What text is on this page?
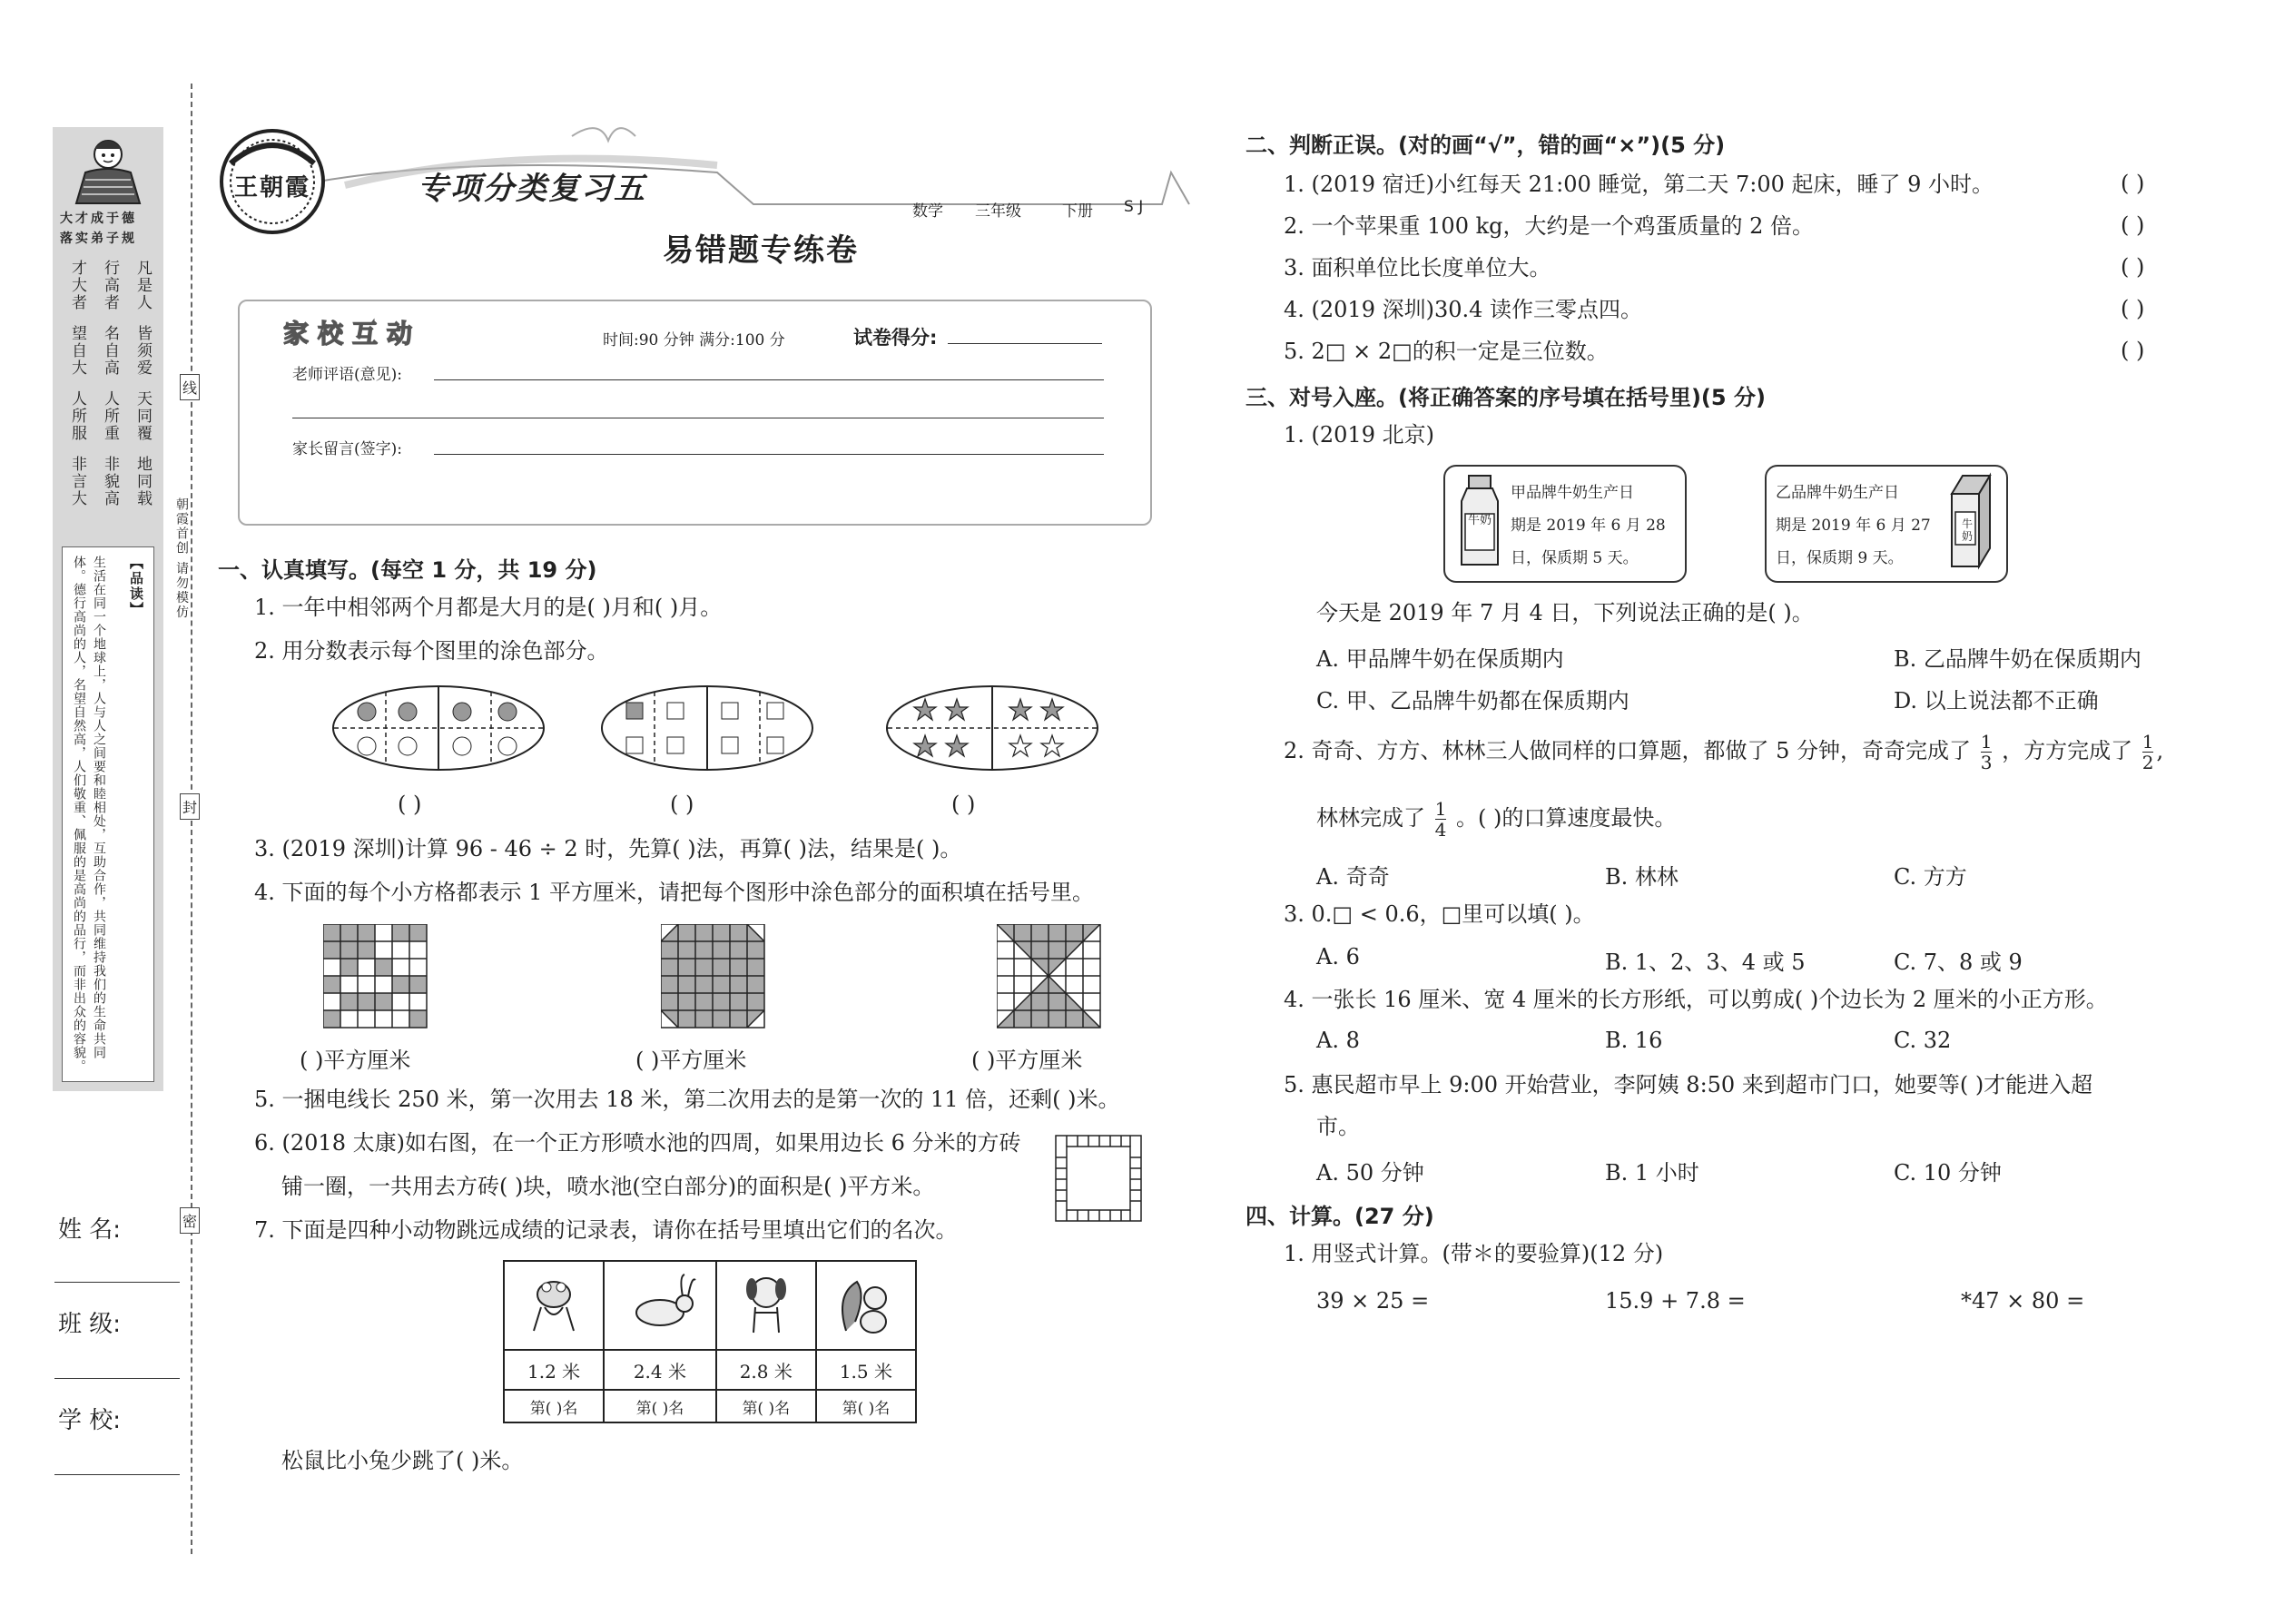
大才成于德
落实弟子规
凡是人
皆须爱
天同覆
地同载
行高者
名自高
人所重
非貌高
才大者
望自大
人所服
非言大
【品读】
生活在同一个地球上，人与人之间要和睦相处，互助合作，共同维持我们的生命共同体。德行高尚的人，名望自然高，人们敬重、佩服的是高尚的品行，而非出众的容貌。
姓 名:
班 级:
学 校:
线
封
密
朝霞首创 请勿模仿
王朝霞	专项分类复习五
易错题专练卷
数学 三年级	下册 S J
家校互动	时间:90 分钟 满分:100 分	试卷得分:
老师评语(意见):
家长留言(签字):
一、认真填写。(每空 1 分，共 19 分)
1. 一年中相邻两个月都是大月的是( )月和( )月。
2. 用分数表示每个图里的涂色部分。
( )	( )	( )
3. (2019 深圳)计算 96 - 46 ÷ 2 时，先算( )法，再算( )法，结果是( )。
4. 下面的每个小方格都表示 1 平方厘米，请把每个图形中涂色部分的面积填在括号里。
( )平方厘米	( )平方厘米	( )平方厘米
5. 一捆电线长 250 米，第一次用去 18 米，第二次用去的是第一次的 11 倍，还剩( )米。
6. (2018 太康)如右图，在一个正方形喷水池的四周，如果用边长 6 分米的方砖
铺一圈，一共用去方砖( )块，喷水池(空白部分)的面积是( )平方米。
7. 下面是四种小动物跳远成绩的记录表，请你在括号里填出它们的名次。

1.2 米	2.4 米	2.8 米	1.5 米
第( )名	第( )名	第( )名	第( )名
松鼠比小兔少跳了( )米。
二、判断正误。(对的画“√”，错的画“×”)(5 分)
1. (2019 宿迁)小红每天 21:00 睡觉，第二天 7:00 起床，睡了 9 小时。
2. 一个苹果重 100 kg，大约是一个鸡蛋质量的 2 倍。
3. 面积单位比长度单位大。
4. (2019 深圳)30.4 读作三零点四。
5. 2□ × 2□的积一定是三位数。
( )
( )
( )
( )
( )
三、对号入座。(将正确答案的序号填在括号里)(5 分)
1. (2019 北京)
牛奶
甲品牌牛奶生产日
期是 2019 年 6 月 28
日，保质期 5 天。
乙品牌牛奶生产日
期是 2019 年 6 月 27
日，保质期 9 天。
牛奶
今天是 2019 年 7 月 4 日，下列说法正确的是( )。
A. 甲品牌牛奶在保质期内	B. 乙品牌牛奶在保质期内
C. 甲、乙品牌牛奶都在保质期内	D. 以上说法都不正确
2. 奇奇、方方、林林三人做同样的口算题，都做了 5 分钟，奇奇完成了 $\frac{1}{3}$ ，方方完成了 $\frac{1}{2}$ ,
林林完成了 $\frac{1}{4}$ 。( )的口算速度最快。
A. 奇奇	B. 林林	C. 方方
3. 0.□ < 0.6，□里可以填( )。
A. 6	B. 1、2、3、4 或 5	C. 7、8 或 9
4. 一张长 16 厘米、宽 4 厘米的长方形纸，可以剪成( )个边长为 2 厘米的小正方形。
A. 8	B. 16	C. 32
5. 惠民超市早上 9:00 开始营业，李阿姨 8:50 来到超市门口，她要等( )才能进入超
市。
A. 50 分钟	B. 1 小时	C. 10 分钟
四、计算。(27 分)
1. 用竖式计算。(带＊的要验算)(12 分)
39 × 25 =	15.9 + 7.8 =	*47 × 80 =
